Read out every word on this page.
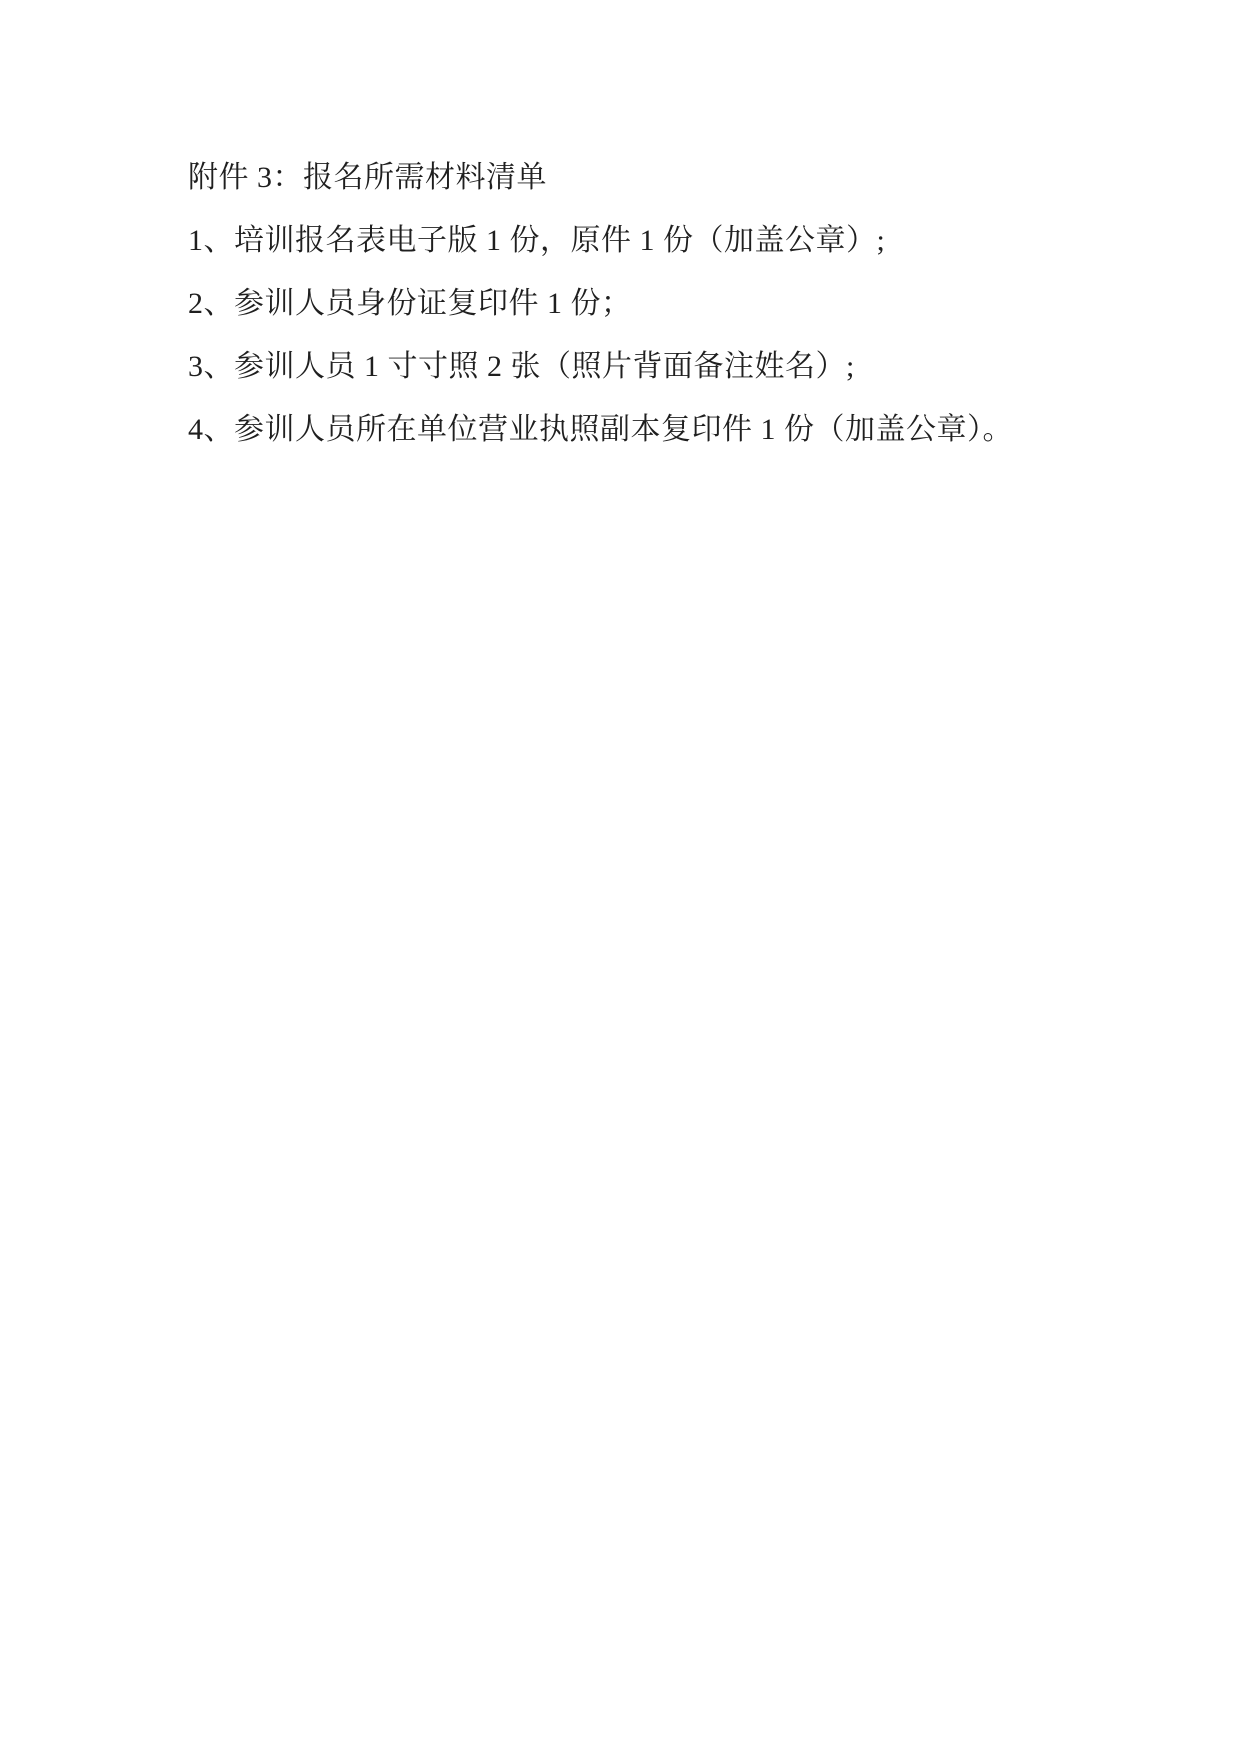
附件 3：报名所需材料清单

1、培训报名表电子版 1 份，原件 1 份（加盖公章）;

2、参训人员身份证复印件 1 份；

3、参训人员 1 寸寸照 2 张（照片背面备注姓名）;

4、参训人员所在单位营业执照副本复印件 1 份（加盖公章）。
